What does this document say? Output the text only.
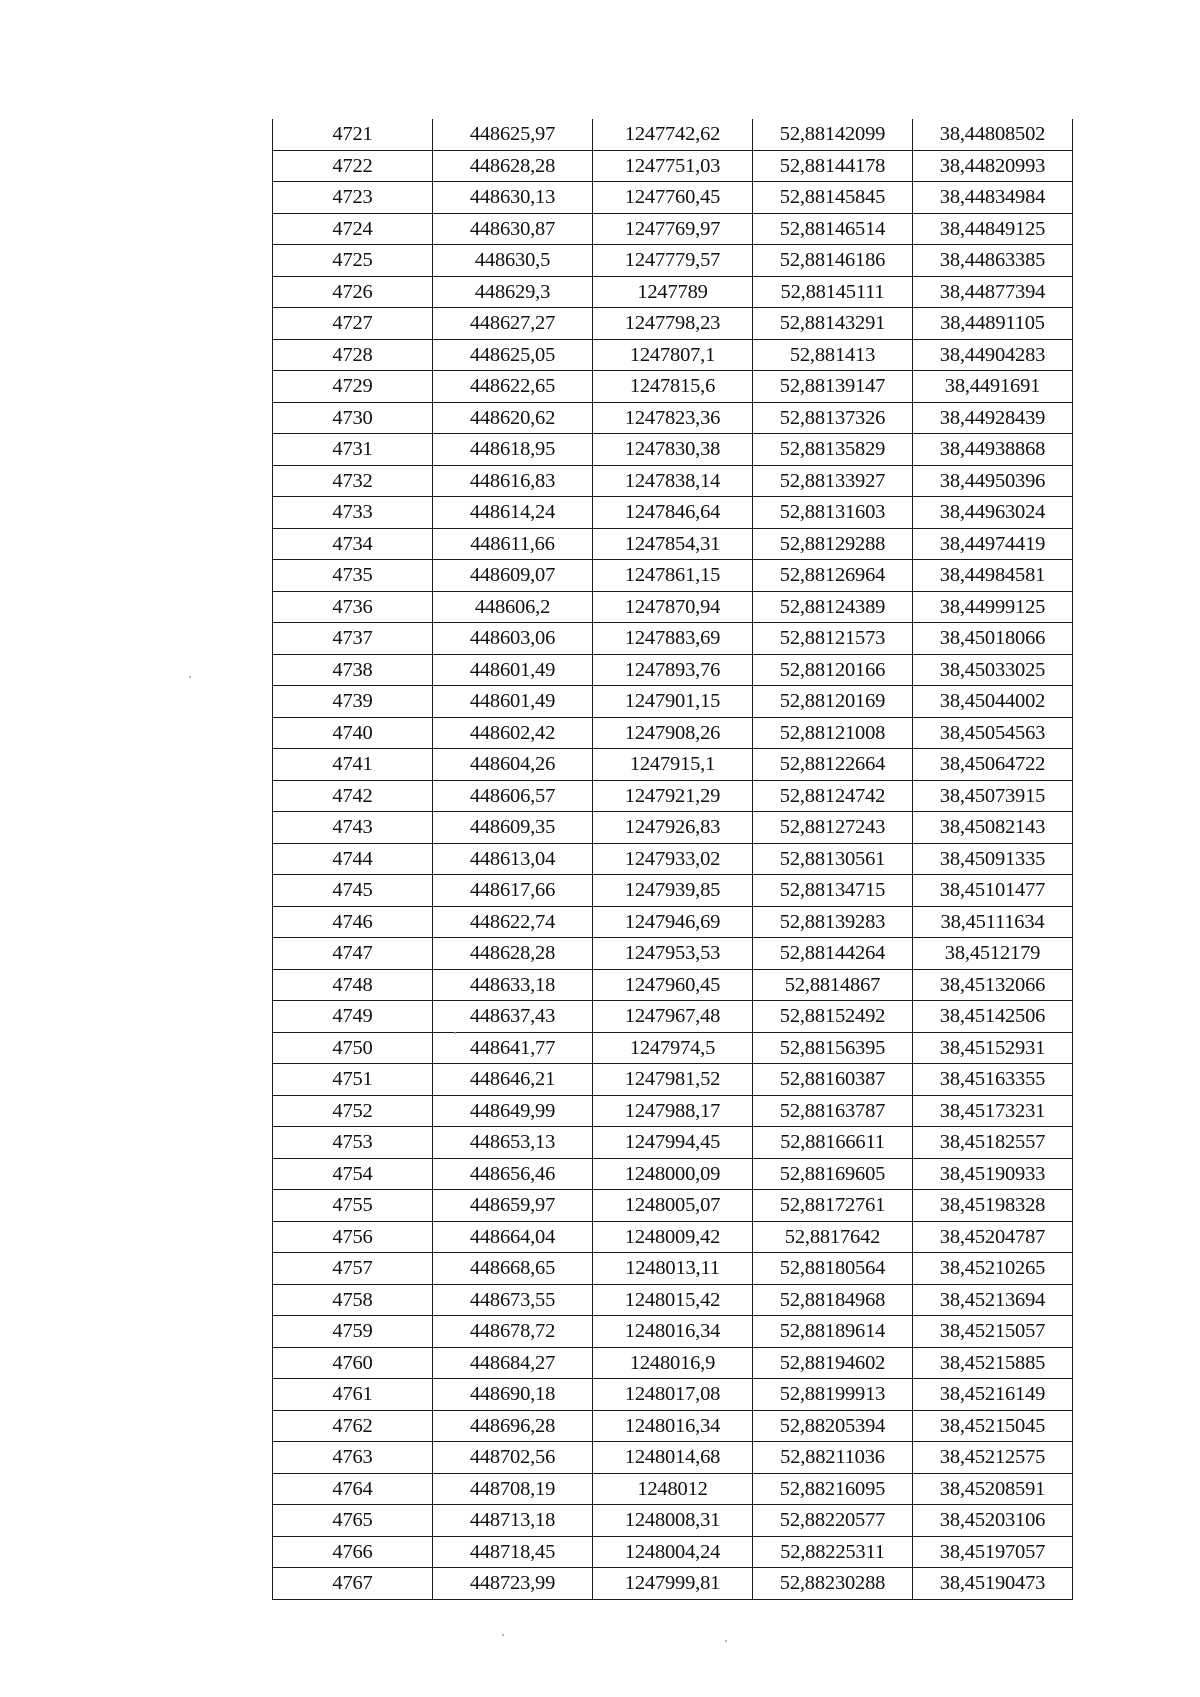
4721	448625,97	1247742,62	52,88142099	38,44808502
4722	448628,28	1247751,03	52,88144178	38,44820993
4723	448630,13	1247760,45	52,88145845	38,44834984
4724	448630,87	1247769,97	52,88146514	38,44849125
4725	448630,5	1247779,57	52,88146186	38,44863385
4726	448629,3	1247789	52,88145111	38,44877394
4727	448627,27	1247798,23	52,88143291	38,44891105
4728	448625,05	1247807,1	52,881413	38,44904283
4729	448622,65	1247815,6	52,88139147	38,4491691
4730	448620,62	1247823,36	52,88137326	38,44928439
4731	448618,95	1247830,38	52,88135829	38,44938868
4732	448616,83	1247838,14	52,88133927	38,44950396
4733	448614,24	1247846,64	52,88131603	38,44963024
4734	448611,66	1247854,31	52,88129288	38,44974419
4735	448609,07	1247861,15	52,88126964	38,44984581
4736	448606,2	1247870,94	52,88124389	38,44999125
4737	448603,06	1247883,69	52,88121573	38,45018066
4738	448601,49	1247893,76	52,88120166	38,45033025
4739	448601,49	1247901,15	52,88120169	38,45044002
4740	448602,42	1247908,26	52,88121008	38,45054563
4741	448604,26	1247915,1	52,88122664	38,45064722
4742	448606,57	1247921,29	52,88124742	38,45073915
4743	448609,35	1247926,83	52,88127243	38,45082143
4744	448613,04	1247933,02	52,88130561	38,45091335
4745	448617,66	1247939,85	52,88134715	38,45101477
4746	448622,74	1247946,69	52,88139283	38,45111634
4747	448628,28	1247953,53	52,88144264	38,4512179
4748	448633,18	1247960,45	52,8814867	38,45132066
4749	448637,43	1247967,48	52,88152492	38,45142506
4750	448641,77	1247974,5	52,88156395	38,45152931
4751	448646,21	1247981,52	52,88160387	38,45163355
4752	448649,99	1247988,17	52,88163787	38,45173231
4753	448653,13	1247994,45	52,88166611	38,45182557
4754	448656,46	1248000,09	52,88169605	38,45190933
4755	448659,97	1248005,07	52,88172761	38,45198328
4756	448664,04	1248009,42	52,8817642	38,45204787
4757	448668,65	1248013,11	52,88180564	38,45210265
4758	448673,55	1248015,42	52,88184968	38,45213694
4759	448678,72	1248016,34	52,88189614	38,45215057
4760	448684,27	1248016,9	52,88194602	38,45215885
4761	448690,18	1248017,08	52,88199913	38,45216149
4762	448696,28	1248016,34	52,88205394	38,45215045
4763	448702,56	1248014,68	52,88211036	38,45212575
4764	448708,19	1248012	52,88216095	38,45208591
4765	448713,18	1248008,31	52,88220577	38,45203106
4766	448718,45	1248004,24	52,88225311	38,45197057
4767	448723,99	1247999,81	52,88230288	38,45190473
